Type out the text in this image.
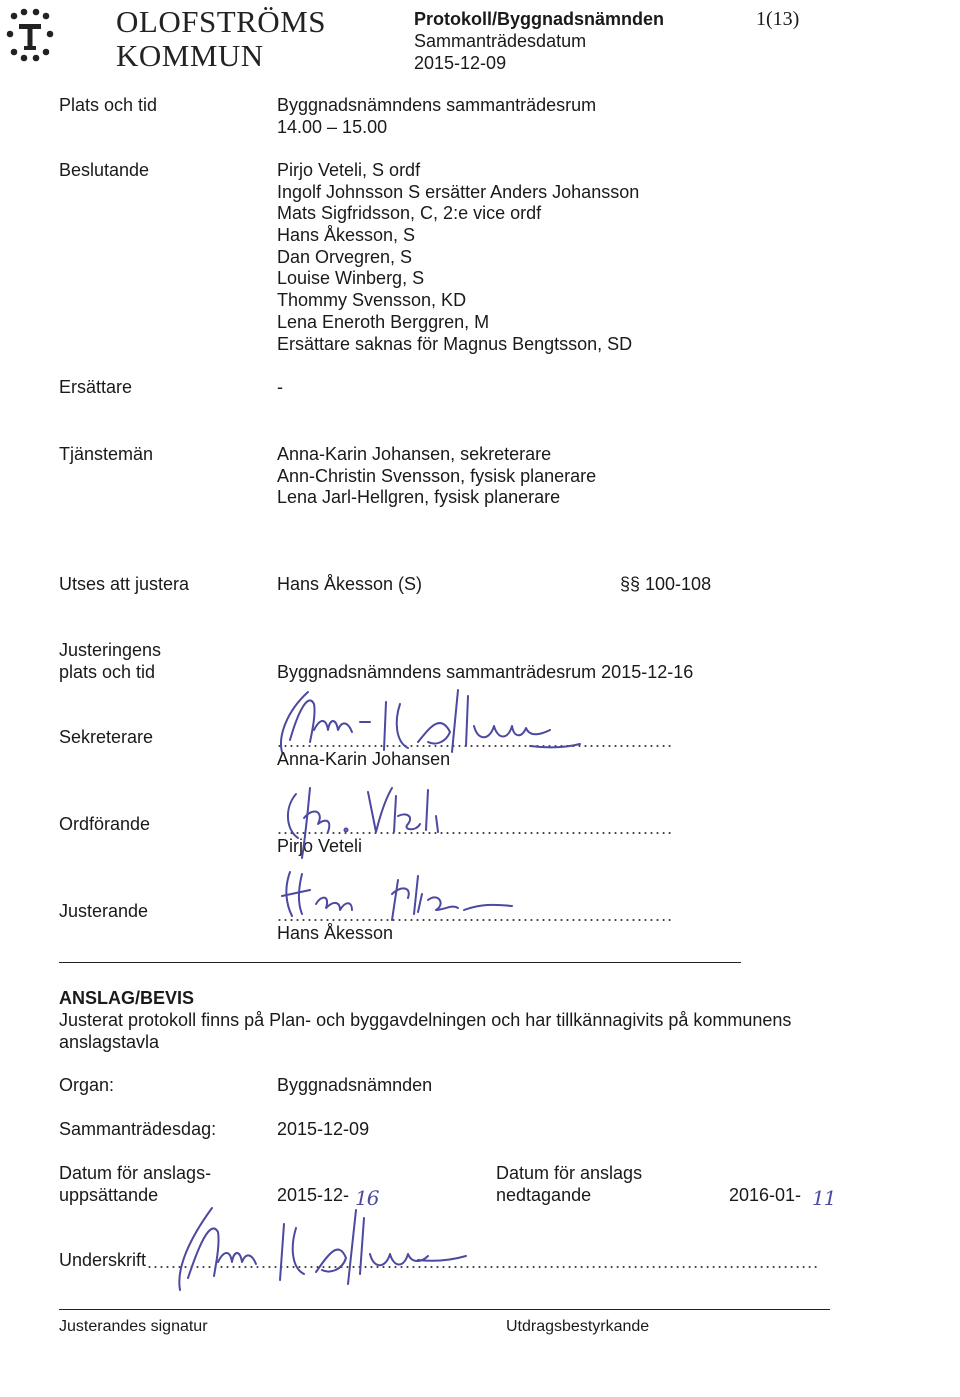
OLOFSTRÖMS
KOMMUN
Protokoll/Byggnadsnämnden
Sammanträdesdatum
2015-12-09
1(13)
Plats och tid	Byggnadsnämndens sammanträdesrum
14.00 – 15.00
Beslutande	Pirjo Veteli, S ordf
Ingolf Johnsson S ersätter Anders Johansson
Mats Sigfridsson, C, 2:e vice ordf
Hans Åkesson, S
Dan Orvegren, S
Louise Winberg, S
Thommy Svensson, KD
Lena Eneroth Berggren, M
Ersättare saknas för Magnus Bengtsson, SD
Ersättare	-
Tjänstemän	Anna-Karin Johansen, sekreterare
Ann-Christin Svensson, fysisk planerare
Lena Jarl-Hellgren, fysisk planerare
Utses att justera	Hans Åkesson (S)	§§ 100-108
Justeringens
plats och tid	Byggnadsnämndens sammanträdesrum 2015-12-16
Sekreterare	..................................................................
Anna-Karin Johansen
Ordförande	..................................................................
Pirjo Veteli
Justerande	..................................................................
Hans Åkesson
ANSLAG/BEVIS
Justerat protokoll finns på Plan- och byggavdelningen och har tillkännagivits på kommunens
anslagstavla
Organ:	Byggnadsnämnden
Sammanträdesdag:	2015-12-09
Datum för anslags-
uppsättande	2015-12- 16
Datum för anslags
nedtagande	2016-01- 11
Underskrift ................................................................................................................
Justerandes signatur	Utdragsbestyrkande
